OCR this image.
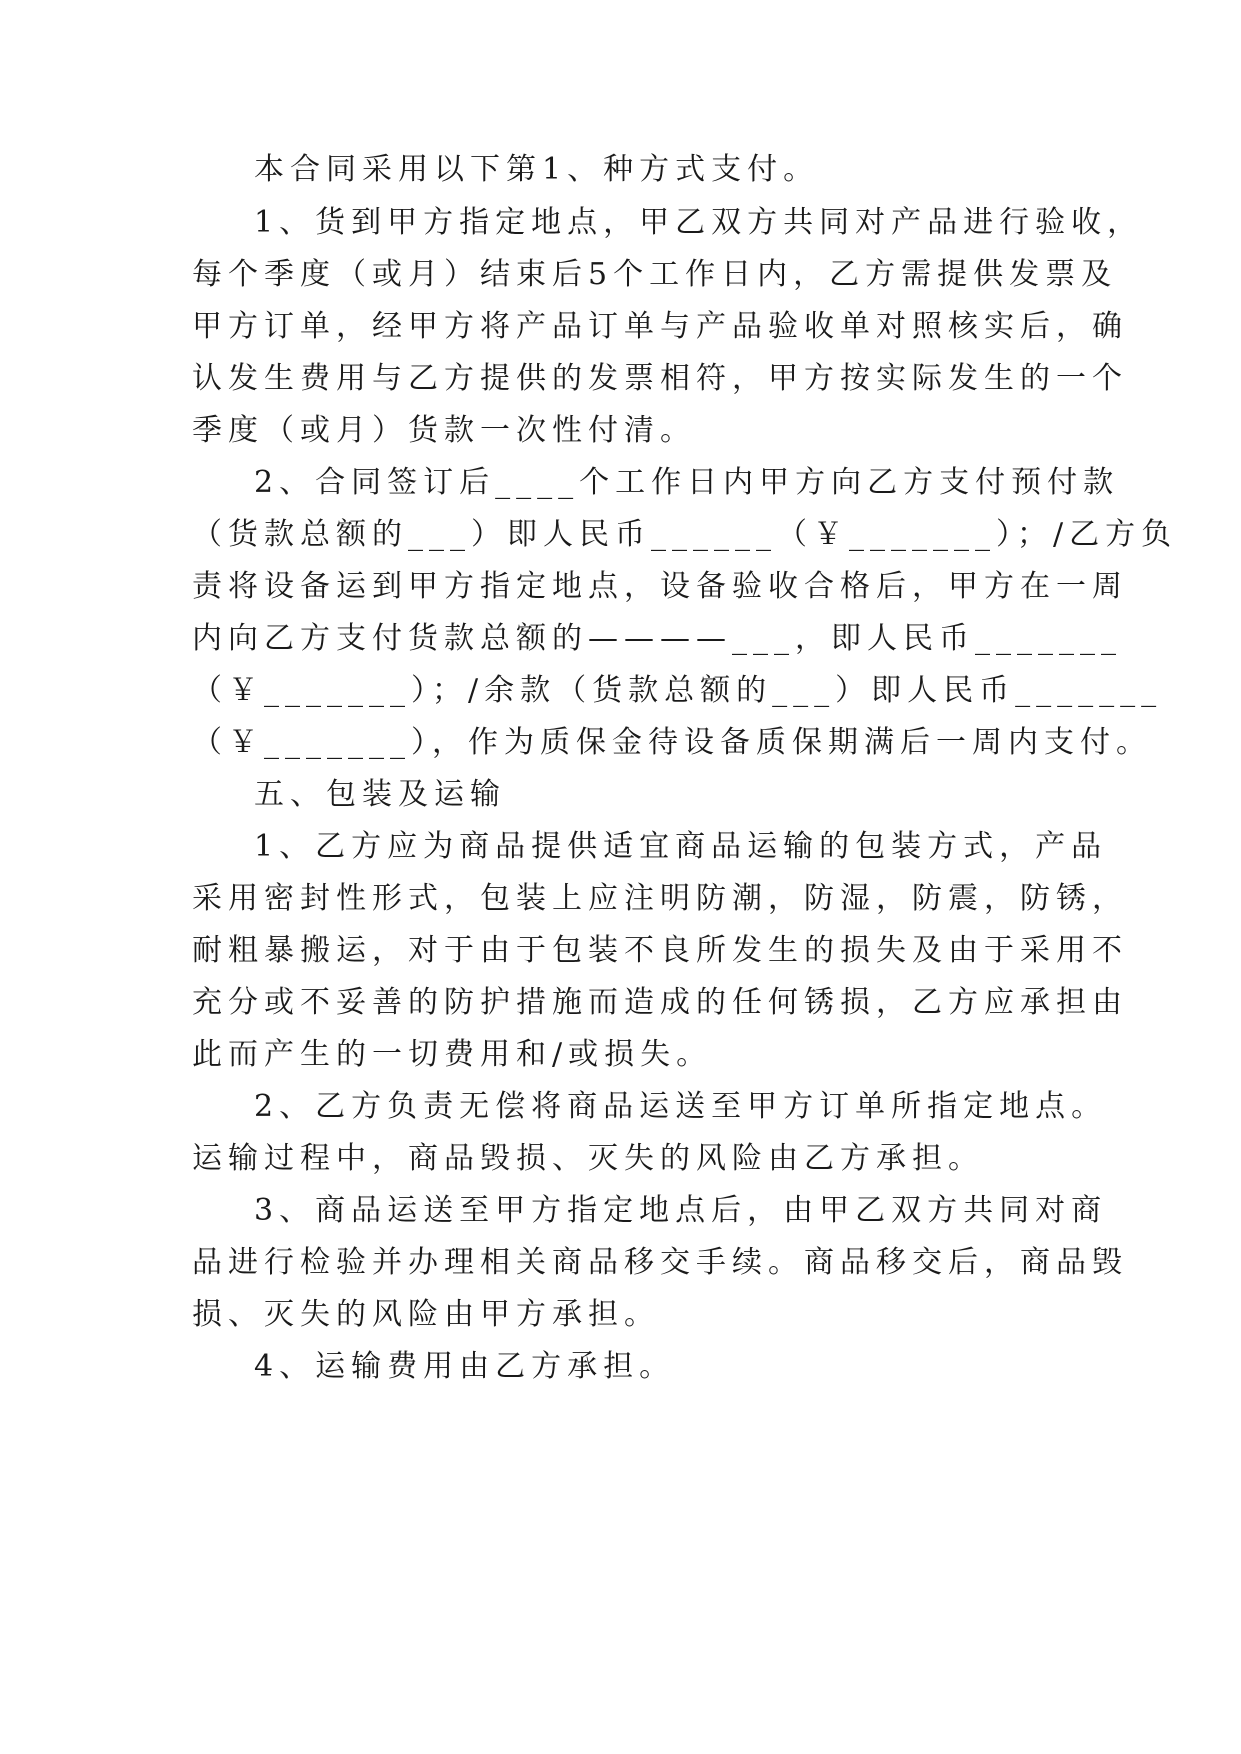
本合同采用以下第1、种方式支付。

1、货到甲方指定地点，甲乙双方共同对产品进行验收，

每个季度（或月）结束后5个工作日内，乙方需提供发票及

甲方订单，经甲方将产品订单与产品验收单对照核实后，确

认发生费用与乙方提供的发票相符，甲方按实际发生的一个

季度（或月）货款一次性付清。

2、合同签订后____个工作日内甲方向乙方支付预付款

（货款总额的___）即人民币______（￥_______）；/乙方负

责将设备运到甲方指定地点，设备验收合格后，甲方在一周

内向乙方支付货款总额的————___，即人民币_______

（￥_______）；/余款（货款总额的___）即人民币_______

（￥_______），作为质保金待设备质保期满后一周内支付。

五、包装及运输

1、乙方应为商品提供适宜商品运输的包装方式，产品

采用密封性形式，包装上应注明防潮，防湿，防震，防锈，

耐粗暴搬运，对于由于包装不良所发生的损失及由于采用不

充分或不妥善的防护措施而造成的任何锈损，乙方应承担由

此而产生的一切费用和/或损失。

2、乙方负责无偿将商品运送至甲方订单所指定地点。

运输过程中，商品毁损、灭失的风险由乙方承担。

3、商品运送至甲方指定地点后，由甲乙双方共同对商

品进行检验并办理相关商品移交手续。商品移交后，商品毁

损、灭失的风险由甲方承担。

4、运输费用由乙方承担。
